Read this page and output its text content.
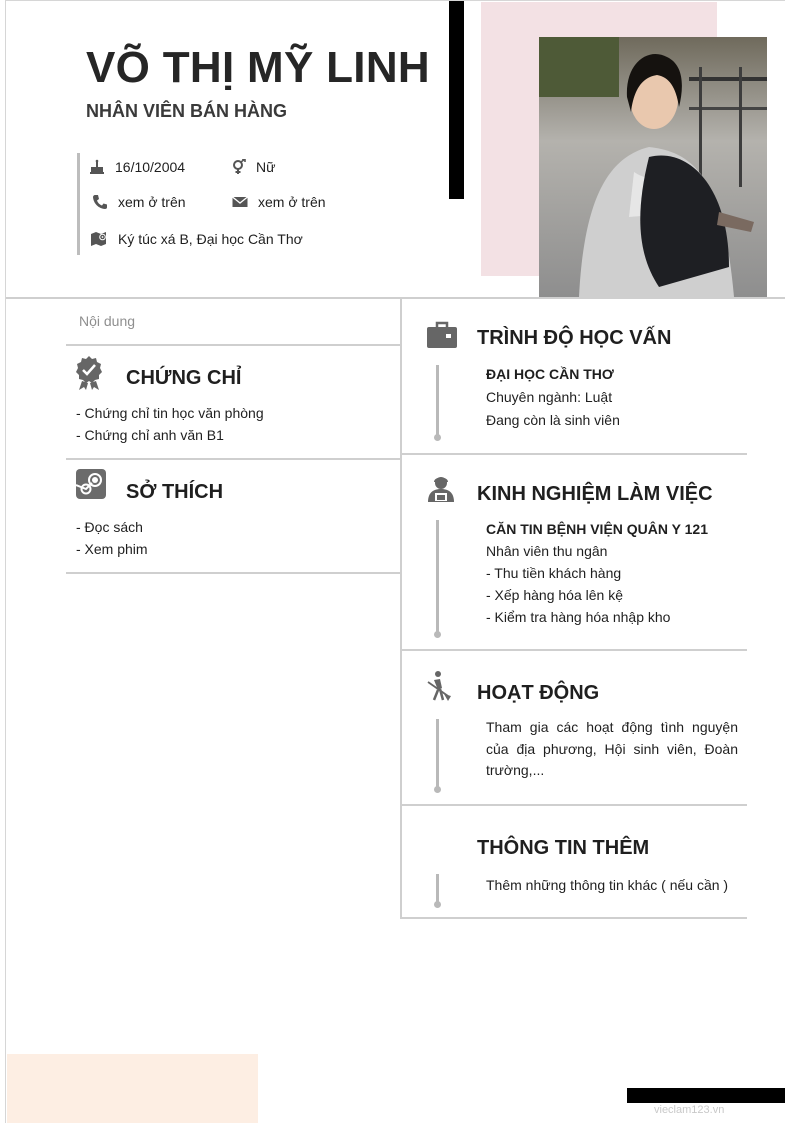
vieclam123.vn
VÕ THỊ MỸ LINH
NHÂN VIÊN BÁN HÀNG
16/10/2004	Nữ
xem ở trên	xem ở trên
Ký túc xá B, Đại học Cần Thơ
Nội dung
CHỨNG CHỈ
- Chứng chỉ tin học văn phòng
- Chứng chỉ anh văn B1
SỞ THÍCH
- Đọc sách
- Xem phim
TRÌNH ĐỘ HỌC VẤN
ĐẠI HỌC CẦN THƠ
Chuyên ngành: Luật
Đang còn là sinh viên
KINH NGHIỆM LÀM VIỆC
CĂN TIN BỆNH VIỆN QUÂN Y 121
Nhân viên thu ngân
- Thu tiền khách hàng
- Xếp hàng hóa lên kệ
- Kiểm tra hàng hóa nhập kho
HOẠT ĐỘNG
Tham gia các hoạt động tình nguyện của địa phương, Hội sinh viên, Đoàn trường,...
THÔNG TIN THÊM
Thêm những thông tin khác ( nếu cần )
